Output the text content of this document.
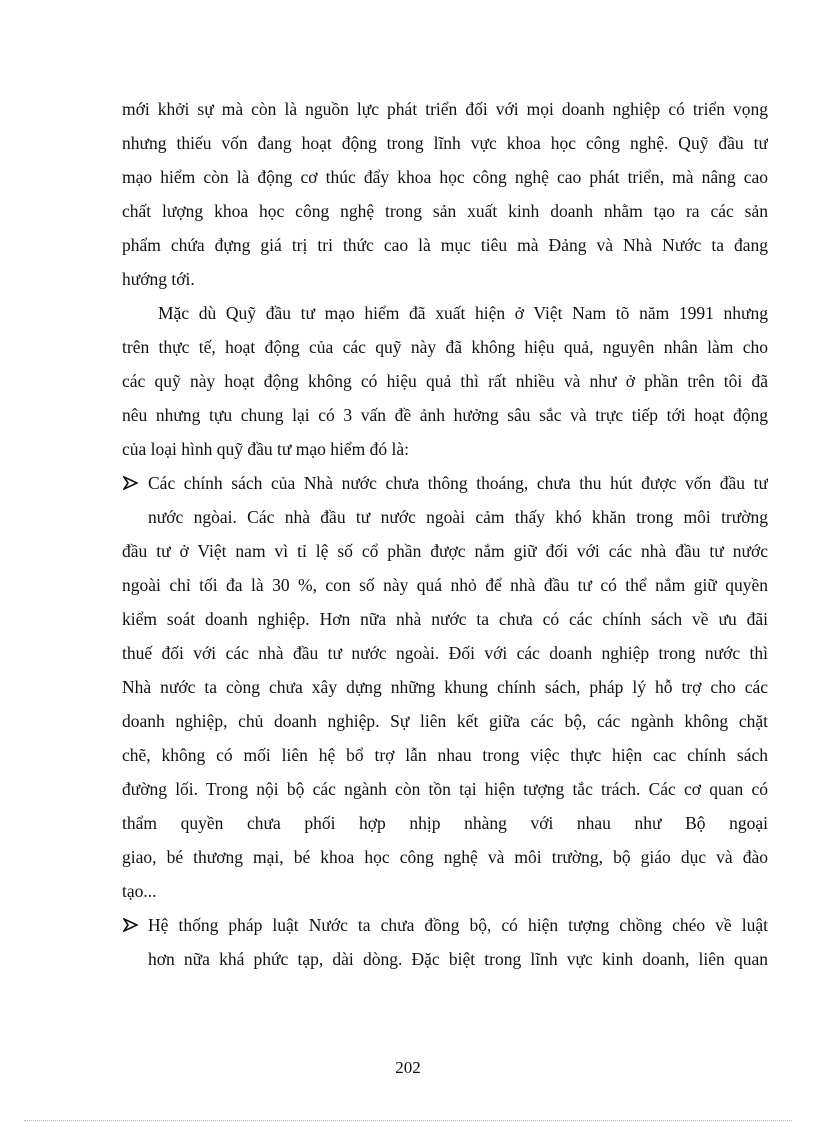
mới khởi sự mà còn là nguồn lực phát triển đối với mọi doanh nghiệp có triển vọng
nhưng thiếu vốn đang hoạt động trong lĩnh vực khoa học công nghệ. Quỹ đầu tư
mạo hiểm còn là động cơ thúc đẩy khoa học công nghệ cao phát triển, mà nâng cao
chất lượng khoa học công nghệ trong sản xuất kinh doanh nhằm tạo ra các sản
phẩm chứa đựng giá trị tri thức cao là mục tiêu mà Đảng và Nhà Nước ta đang
hướng tới.
Mặc dù Quỹ đầu tư mạo hiểm đã xuất hiện ở Việt Nam tõ năm 1991 nhưng
trên thực tế, hoạt động của các quỹ này đã không hiệu quả, nguyên nhân làm cho
các quỹ này hoạt động không có hiệu quả thì rất nhiều và như ở phần trên tôi đã
nêu nhưng tựu chung lại có 3 vấn đề ảnh hưởng sâu sắc và trực tiếp tới hoạt động
của loại hình quỹ đầu tư mạo hiểm đó là:
Các chính sách của Nhà nước chưa thông thoáng, chưa thu hút được vốn đầu tư
nước ngòai. Các nhà đầu tư nước ngoài cảm thấy khó khăn trong môi trường
đầu tư ở Việt nam vì tỉ lệ số cổ phần được nắm giữ đối với các nhà đầu tư nước
ngoài chỉ tối đa là 30 %, con số này quá nhỏ để nhà đầu tư có thể nắm giữ quyền
kiểm soát doanh nghiệp. Hơn nữa nhà nước ta chưa có các chính sách về ưu đãi
thuế đối với các nhà đầu tư nước ngoài. Đối với các doanh nghiệp trong nước thì
Nhà nước ta còng chưa xây dựng những khung chính sách, pháp lý hỗ trợ cho các
doanh nghiệp, chủ doanh nghiệp. Sự liên kết giữa các bộ, các ngành không chặt
chẽ, không có mối liên hệ bổ trợ lẫn nhau trong việc thực hiện cac chính sách
đường lối. Trong nội bộ các ngành còn tồn tại hiện tượng tắc trách. Các cơ quan có
thẩm quyền chưa phối hợp nhịp nhàng với nhau như Bộ ngoại
giao, bé thương mại, bé khoa học công nghệ và môi trường, bộ giáo dục và đào
tạo...
Hệ thống pháp luật Nước ta chưa đồng bộ, có hiện tượng chồng chéo về luật
hơn nữa khá phức tạp, dài dòng. Đặc biệt trong lĩnh vực kinh doanh, liên quan
202
